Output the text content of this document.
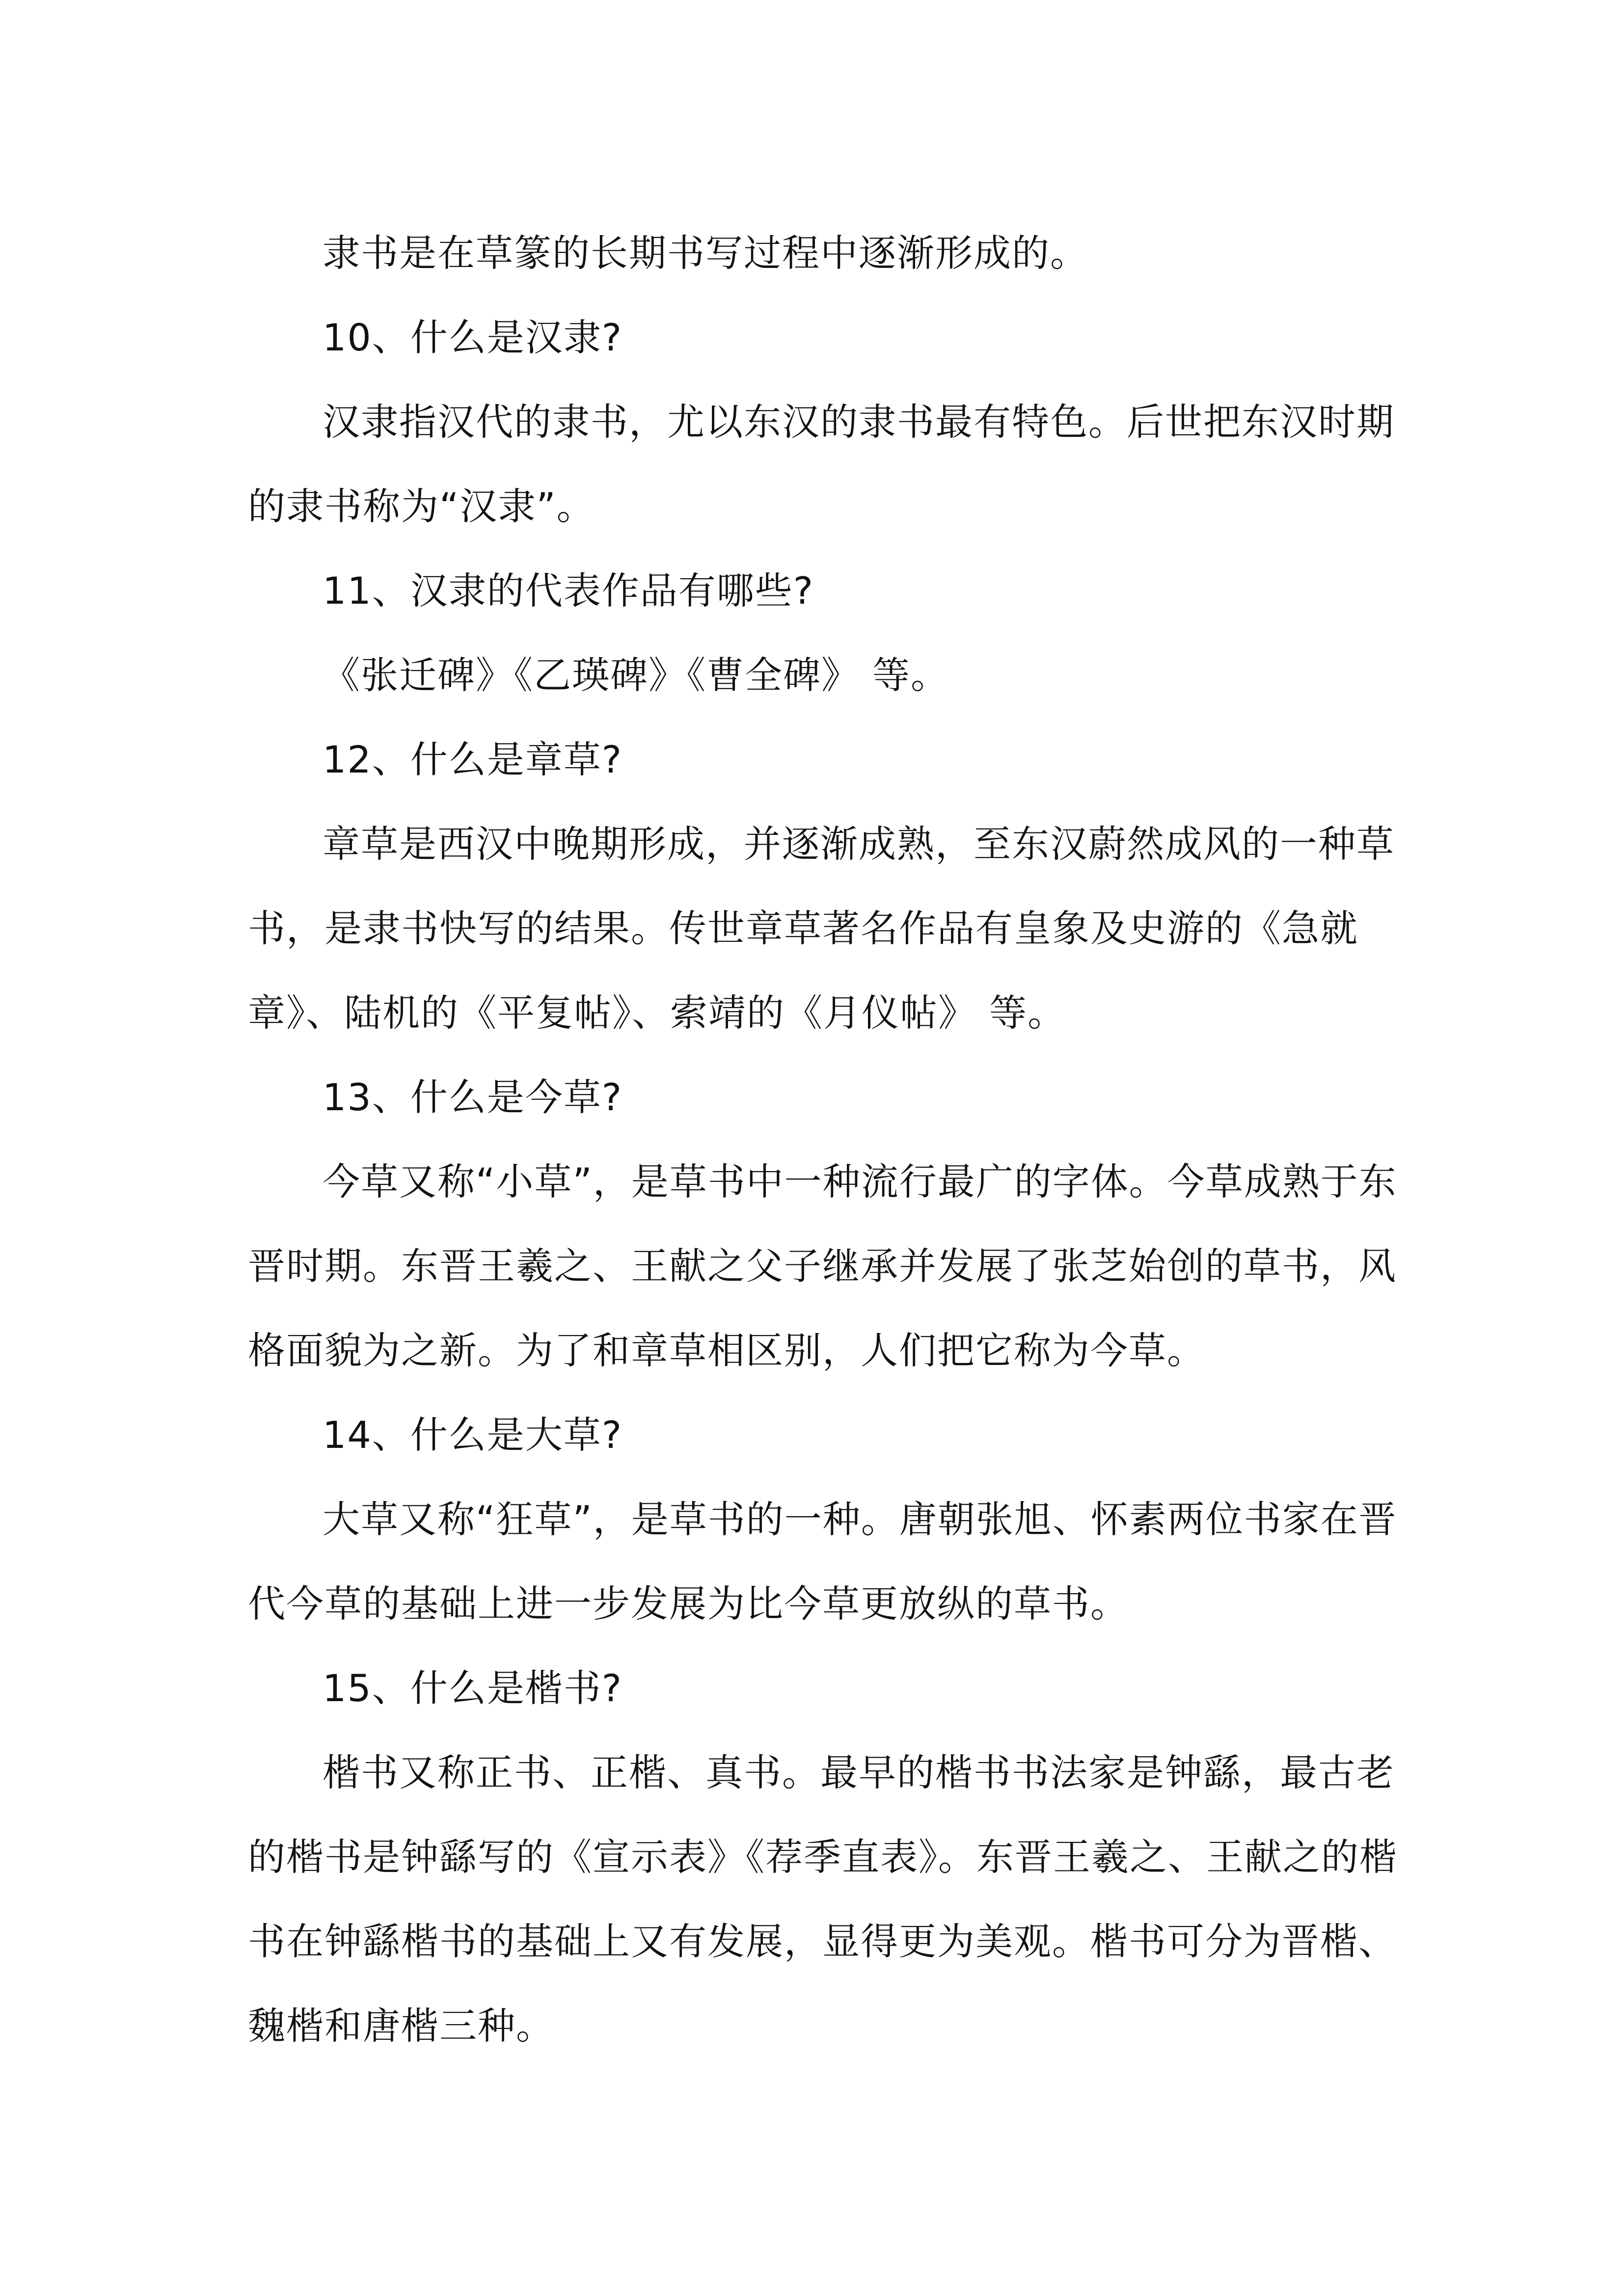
隶书是在草篆的长期书写过程中逐渐形成的。

10、什么是汉隶?

汉隶指汉代的隶书，尤以东汉的隶书最有特色。后世把东汉时期的隶书称为“汉隶”。

11、汉隶的代表作品有哪些?

《张迁碑》《乙瑛碑》《曹全碑》 等。

12、什么是章草?

章草是西汉中晚期形成，并逐渐成熟，至东汉蔚然成风的一种草书，是隶书快写的结果。传世章草著名作品有皇象及史游的《急就章》、陆机的《平复帖》、索靖的《月仪帖》 等。

13、什么是今草?

今草又称“小草”，是草书中一种流行最广的字体。今草成熟于东晋时期。东晋王羲之、王献之父子继承并发展了张芝始创的草书，风格面貌为之新。为了和章草相区别，人们把它称为今草。

14、什么是大草?

大草又称“狂草”，是草书的一种。唐朝张旭、怀素两位书家在晋代今草的基础上进一步发展为比今草更放纵的草书。

15、什么是楷书?

楷书又称正书、正楷、真书。最早的楷书书法家是钟繇，最古老的楷书是钟繇写的《宣示表》《荐季直表》。东晋王羲之、王献之的楷书在钟繇楷书的基础上又有发展，显得更为美观。楷书可分为晋楷、魏楷和唐楷三种。
